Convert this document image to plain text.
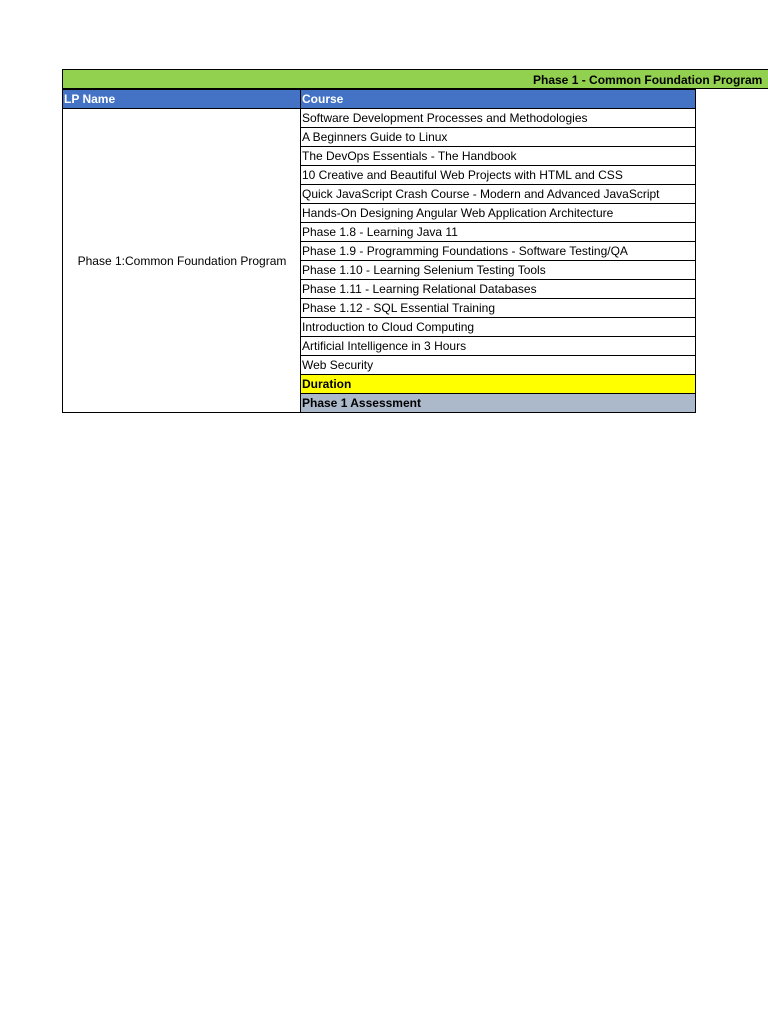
Phase 1 - Common Foundation Program
LP Name	Course
Phase 1:Common Foundation Program	Software Development Processes and Methodologies
	A Beginners Guide to Linux
	The DevOps Essentials - The Handbook
	10 Creative and Beautiful Web Projects with HTML and CSS
	Quick JavaScript Crash Course - Modern and Advanced JavaScript
	Hands-On Designing Angular Web Application Architecture
	Phase 1.8 - Learning Java 11
	Phase 1.9 - Programming Foundations - Software Testing/QA
	Phase 1.10 - Learning Selenium Testing Tools
	Phase 1.11 - Learning Relational Databases
	Phase 1.12 - SQL Essential Training
	Introduction to Cloud Computing
	Artificial Intelligence in 3 Hours
	Web Security
	Duration
	Phase 1 Assessment
